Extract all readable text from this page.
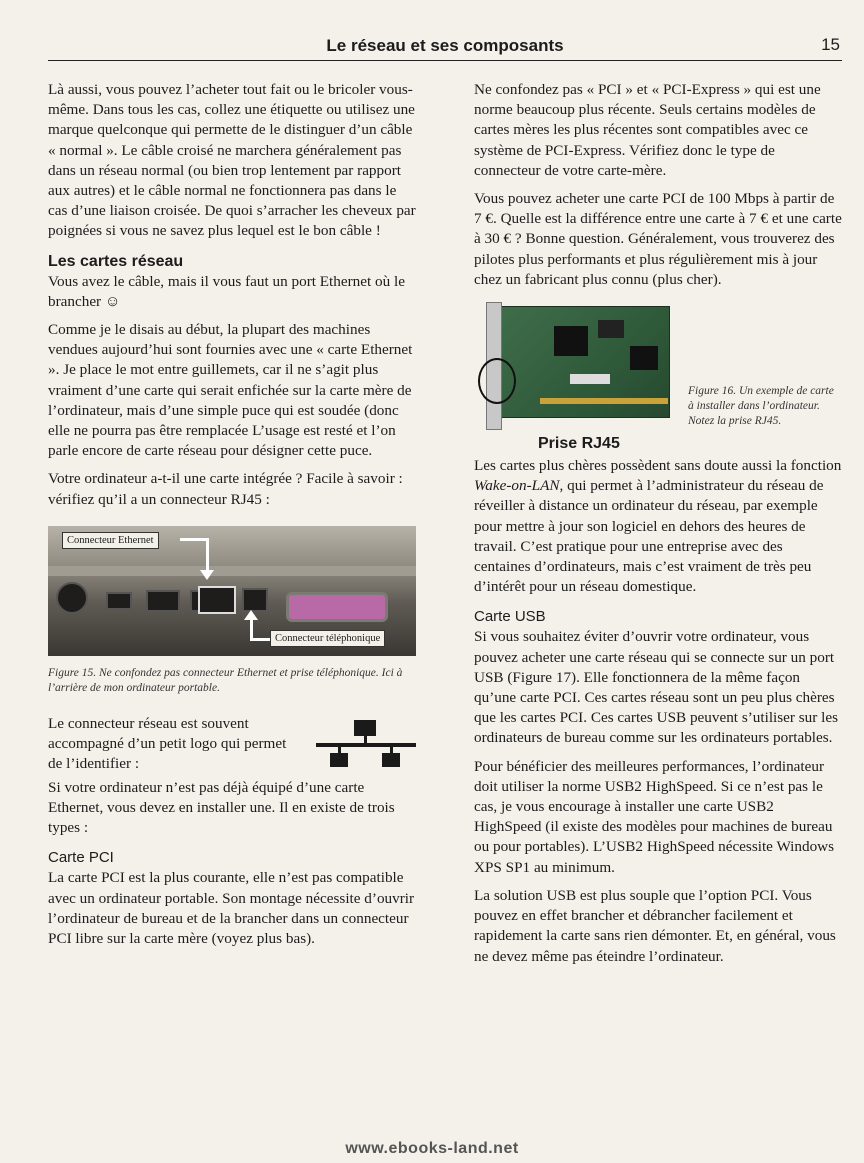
Le réseau et ses composants	15

Là aussi, vous pouvez l’acheter tout fait ou le bricoler vous-même. Dans tous les cas, collez une étiquette ou utilisez une marque quelconque qui permette de le distinguer d’un câble « normal ». Le câble croisé ne marchera généralement pas dans un réseau normal (ou bien trop lentement par rapport aux autres) et le câble normal ne fonctionnera pas dans le cas d’une liaison croisée. De quoi s’arracher les cheveux par poignées si vous ne savez plus lequel est le bon câble !

Les cartes réseau

Vous avez le câble, mais il vous faut un port Ethernet où le brancher ☺

Comme je le disais au début, la plupart des machines vendues aujourd’hui sont fournies avec une « carte Ethernet ». Je place le mot entre guillemets, car il ne s’agit plus vraiment d’une carte qui serait enfichée sur la carte mère de l’ordinateur, mais d’une simple puce qui est soudée (donc elle ne pourra pas être remplacée L’usage est resté et l’on parle encore de carte réseau pour désigner cette puce.

Votre ordinateur a-t-il une carte intégrée ? Facile à savoir : vérifiez qu’il a un connecteur RJ45 :

Connecteur Ethernet
Connecteur téléphonique
Figure 15. Ne confondez pas connecteur Ethernet et prise téléphonique. Ici à l’arrière de mon ordinateur portable.

Le connecteur réseau est souvent accompagné d’un petit logo qui permet de l’identifier :

Si votre ordinateur n’est pas déjà équipé d’une carte Ethernet, vous devez en installer une. Il en existe de trois types :

Carte PCI

La carte PCI est la plus courante, elle n’est pas compatible avec un ordinateur portable. Son montage nécessite d’ouvrir l’ordinateur de bureau et de la brancher dans un connecteur PCI libre sur la carte mère (voyez plus bas).

Ne confondez pas « PCI » et « PCI-Express » qui est une norme beaucoup plus récente. Seuls certains modèles de cartes mères les plus récentes sont compatibles avec ce système de PCI-Express. Vérifiez donc le type de connecteur de votre carte-mère.

Vous pouvez acheter une carte PCI de 100 Mbps à partir de 7 €. Quelle est la différence entre une carte à 7 € et une carte à 30 € ? Bonne question. Généralement, vous trouverez des pilotes plus performants et plus régulièrement mis à jour chez un fabricant plus connu (plus cher).

Prise RJ45
Figure 16. Un exemple de carte à installer dans l’ordinateur. Notez la prise RJ45.

Les cartes plus chères possèdent sans doute aussi la fonction Wake-on-LAN, qui permet à l’administrateur du réseau de réveiller à distance un ordinateur du réseau, par exemple pour mettre à jour son logiciel en dehors des heures de travail. C’est pratique pour une entreprise avec des centaines d’ordinateurs, mais c’est vraiment de très peu d’intérêt pour un réseau domestique.

Carte USB

Si vous souhaitez éviter d’ouvrir votre ordinateur, vous pouvez acheter une carte réseau qui se connecte sur un port USB (Figure 17). Elle fonctionnera de la même façon qu’une carte PCI. Ces cartes réseau sont un peu plus chères que les cartes PCI. Ces cartes USB peuvent s’utiliser sur les ordinateurs de bureau comme sur les ordinateurs portables.

Pour bénéficier des meilleures performances, l’ordinateur doit utiliser la norme USB2 HighSpeed. Si ce n’est pas le cas, je vous encourage à installer une carte USB2 HighSpeed (il existe des modèles pour machines de bureau ou pour portables). L’USB2 HighSpeed nécessite Windows XPS SP1 au minimum.

La solution USB est plus souple que l’option PCI. Vous pouvez en effet brancher et débrancher facilement et rapidement la carte sans rien démonter. Et, en général, vous ne devez même pas éteindre l’ordinateur.

www.ebooks-land.net
